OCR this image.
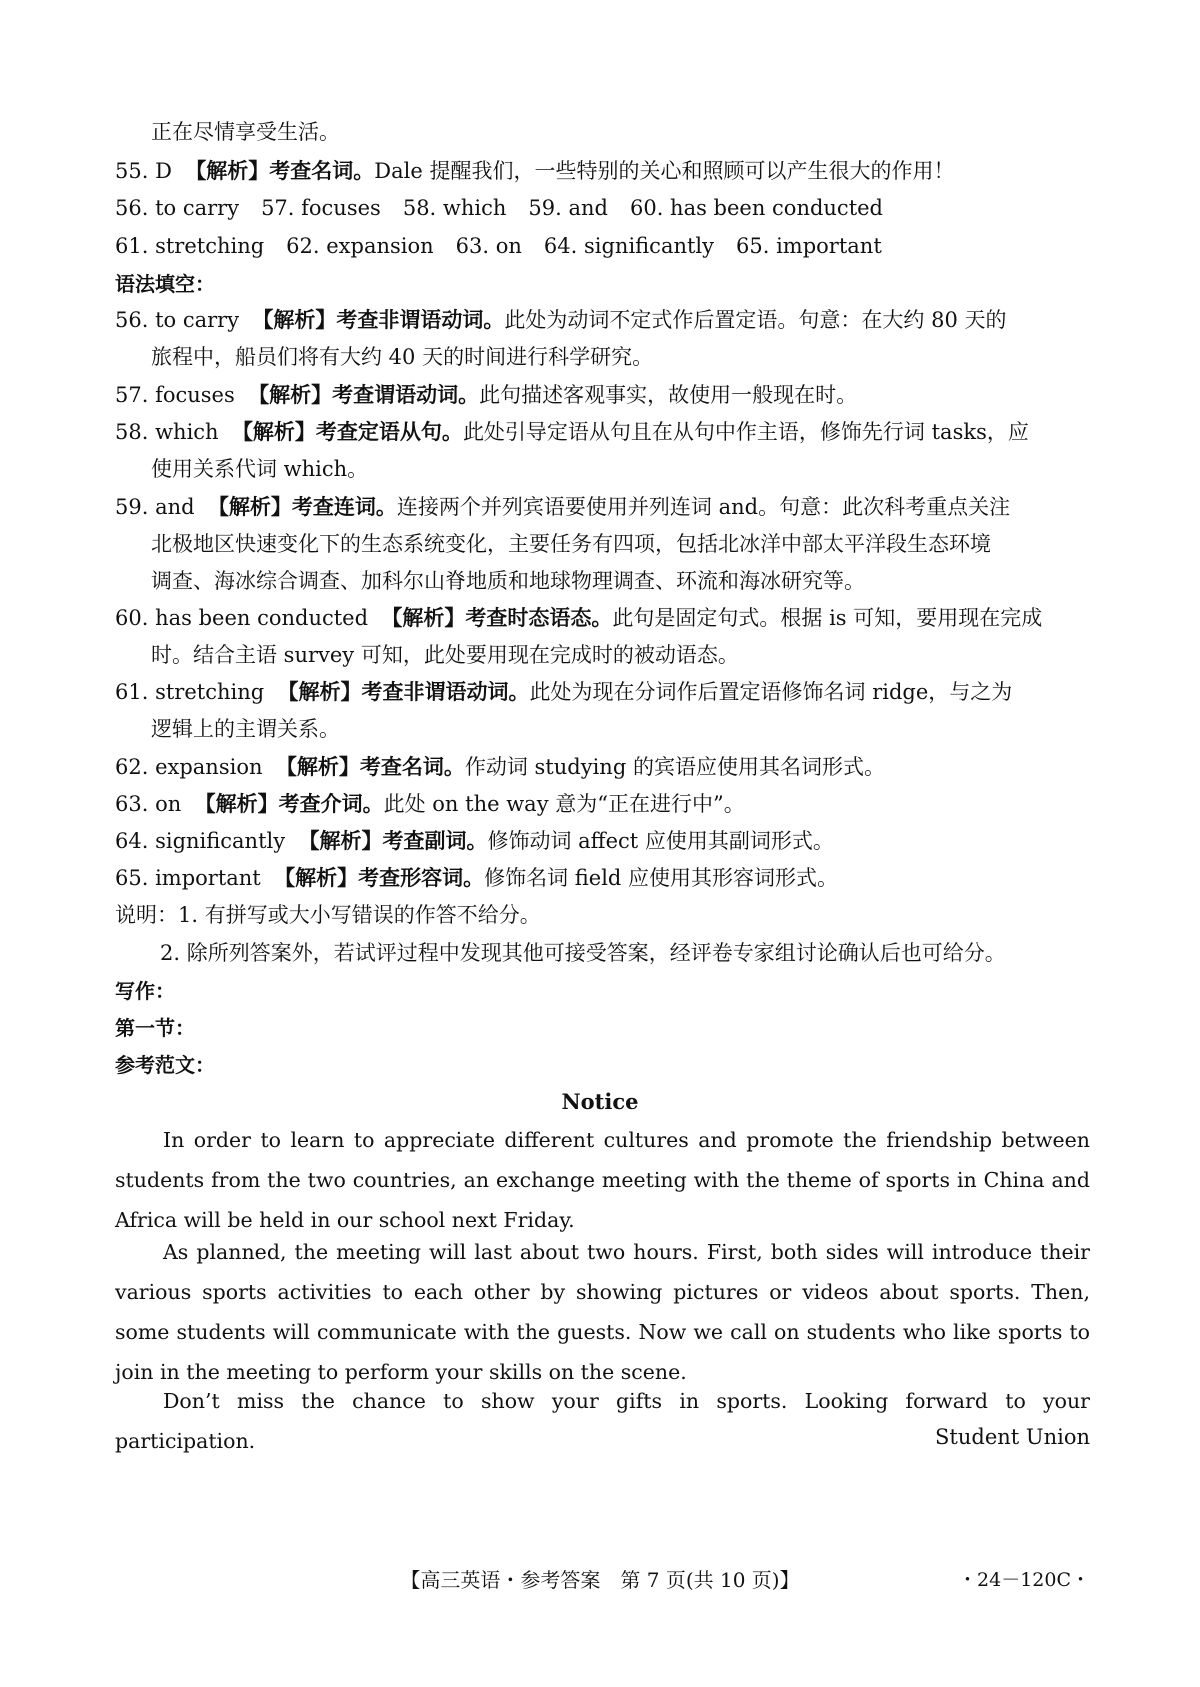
正在尽情享受生活。
55. D 【解析】考查名词。Dale 提醒我们，一些特别的关心和照顾可以产生很大的作用！
56. to carry 57. focuses 58. which 59. and 60. has been conducted
61. stretching 62. expansion 63. on 64. significantly 65. important
语法填空：
56. to carry 【解析】考查非谓语动词。此处为动词不定式作后置定语。句意：在大约 80 天的
旅程中，船员们将有大约 40 天的时间进行科学研究。
57. focuses 【解析】考查谓语动词。此句描述客观事实，故使用一般现在时。
58. which 【解析】考查定语从句。此处引导定语从句且在从句中作主语，修饰先行词 tasks，应
使用关系代词 which。
59. and 【解析】考查连词。连接两个并列宾语要使用并列连词 and。句意：此次科考重点关注
北极地区快速变化下的生态系统变化，主要任务有四项，包括北冰洋中部太平洋段生态环境
调查、海冰综合调查、加科尔山脊地质和地球物理调查、环流和海冰研究等。
60. has been conducted 【解析】考查时态语态。此句是固定句式。根据 is 可知，要用现在完成
时。结合主语 survey 可知，此处要用现在完成时的被动语态。
61. stretching 【解析】考查非谓语动词。此处为现在分词作后置定语修饰名词 ridge，与之为
逻辑上的主谓关系。
62. expansion 【解析】考查名词。作动词 studying 的宾语应使用其名词形式。
63. on 【解析】考查介词。此处 on the way 意为“正在进行中”。
64. significantly 【解析】考查副词。修饰动词 affect 应使用其副词形式。
65. important 【解析】考查形容词。修饰名词 field 应使用其形容词形式。
说明：1. 有拼写或大小写错误的作答不给分。
2. 除所列答案外，若试评过程中发现其他可接受答案，经评卷专家组讨论确认后也可给分。
写作：
第一节：
参考范文：
Notice
In order to learn to appreciate different cultures and promote the friendship between students from the two countries, an exchange meeting with the theme of sports in China and Africa will be held in our school next Friday.
As planned, the meeting will last about two hours. First, both sides will introduce their various sports activities to each other by showing pictures or videos about sports. Then, some students will communicate with the guests. Now we call on students who like sports to join in the meeting to perform your skills on the scene.
Don’t miss the chance to show your gifts in sports. Looking forward to your participation.	Student Union
【高三英语・参考答案　第 7 页(共 10 页)】	・24－120C・
